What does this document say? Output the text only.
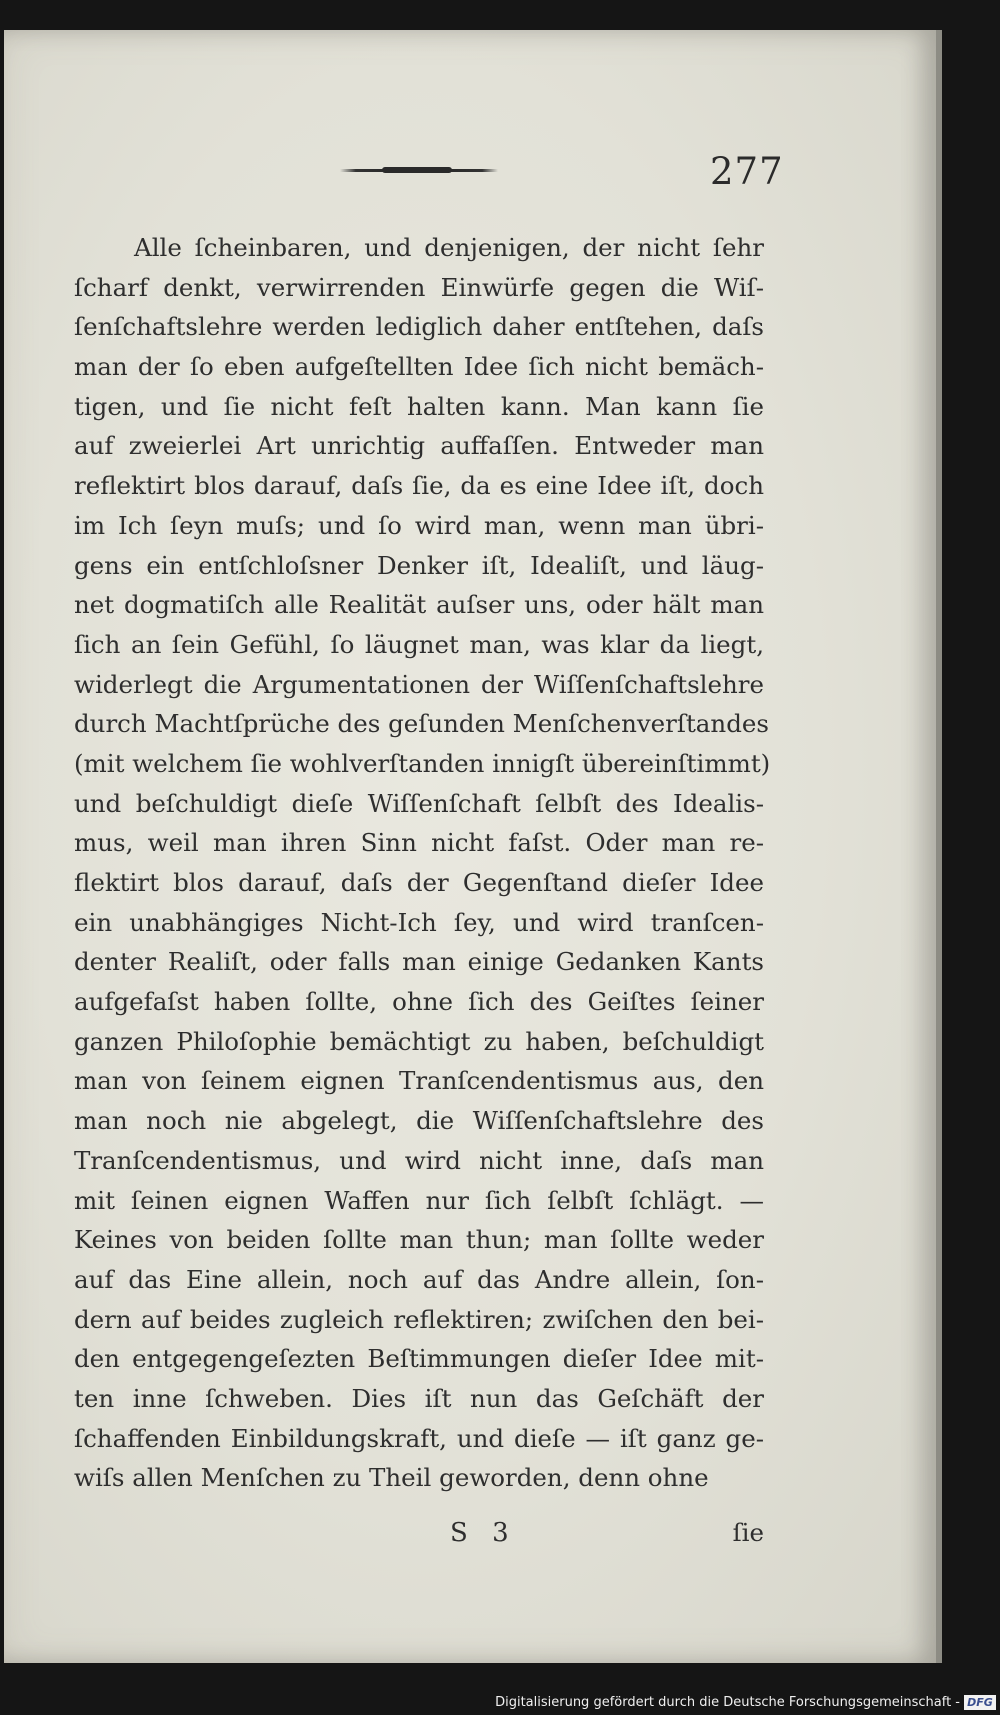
277
Alle ſcheinbaren, und denjenigen, der nicht ſehr
ſcharf denkt, verwirrenden Einwürfe gegen die Wiſ-
ſenſchaftslehre werden lediglich daher entſtehen, daſs
man der ſo eben aufgeſtellten Idee ſich nicht bemäch-
tigen, und ſie nicht feſt halten kann. Man kann ſie
auf zweierlei Art unrichtig auffaſſen. Entweder man
reflektirt blos darauf, daſs ſie, da es eine Idee iſt, doch
im Ich ſeyn muſs; und ſo wird man, wenn man übri-
gens ein entſchloſsner Denker iſt, Idealiſt, und läug-
net dogmatiſch alle Realität auſser uns, oder hält man
ſich an ſein Gefühl, ſo läugnet man, was klar da liegt,
widerlegt die Argumentationen der Wiſſenſchaftslehre
durch Machtſprüche des geſunden Menſchenverſtandes
(mit welchem ſie wohlverſtanden innigſt übereinſtimmt)
und beſchuldigt dieſe Wiſſenſchaft ſelbſt des Idealis-
mus, weil man ihren Sinn nicht faſst. Oder man re-
flektirt blos darauf, daſs der Gegenſtand dieſer Idee
ein unabhängiges Nicht-Ich ſey, und wird tranſcen-
denter Realiſt, oder falls man einige Gedanken Kants
aufgefaſst haben ſollte, ohne ſich des Geiſtes ſeiner
ganzen Philoſophie bemächtigt zu haben, beſchuldigt
man von ſeinem eignen Tranſcendentismus aus, den
man noch nie abgelegt, die Wiſſenſchaftslehre des
Tranſcendentismus, und wird nicht inne, daſs man
mit ſeinen eignen Waffen nur ſich ſelbſt ſchlägt. —
Keines von beiden ſollte man thun; man ſollte weder
auf das Eine allein, noch auf das Andre allein, ſon-
dern auf beides zugleich reflektiren; zwiſchen den bei-
den entgegengeſezten Beſtimmungen dieſer Idee mit-
ten inne ſchweben. Dies iſt nun das Geſchäft der
ſchaffenden Einbildungskraft, und dieſe — iſt ganz ge-
wiſs allen Menſchen zu Theil geworden, denn ohne
S 3	ſie
Digitalisierung gefördert durch die Deutsche Forschungsgemeinschaft - DFG
